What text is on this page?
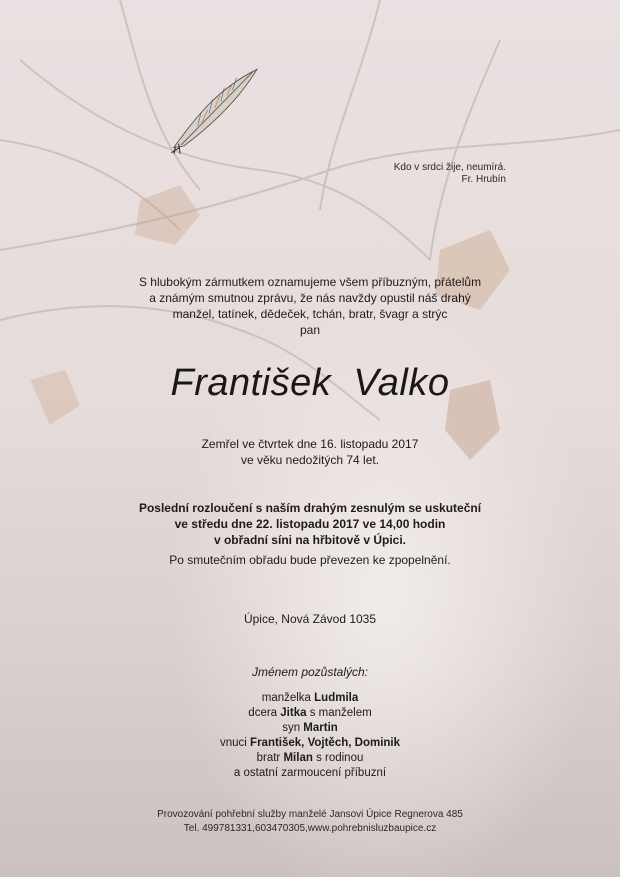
Kdo v srdci žije, neumírá.
Fr. Hrubín
S hlubokým zármutkem oznamujeme všem příbuzným, přátelům
a známým smutnou zprávu, že nás navždy opustil náš drahý
manžel, tatínek, dědeček, tchán, bratr, švagr a strýc
pan
František  Valko
Zemřel ve čtvrtek dne 16. listopadu 2017
ve věku nedožitých 74 let.
Poslední rozloučení s naším drahým zesnulým se uskuteční
ve středu dne 22. listopadu 2017 ve 14,00 hodin
v obřadní síni na hřbitově v Úpici.
Po smutečním obřadu bude převezen ke zpopelnění.
Úpice, Nová Závod 1035
Jménem pozůstalých:
manželka Ludmila
dcera Jitka s manželem
syn Martin
vnuci František, Vojtěch, Dominik
bratr Milan s rodinou
a ostatní zarmoucení příbuzní
Provozování pohřební služby manželé Jansovi Úpice Regnerova 485
Tel. 499781331,603470305,www.pohrebnisluzbaupice.cz
